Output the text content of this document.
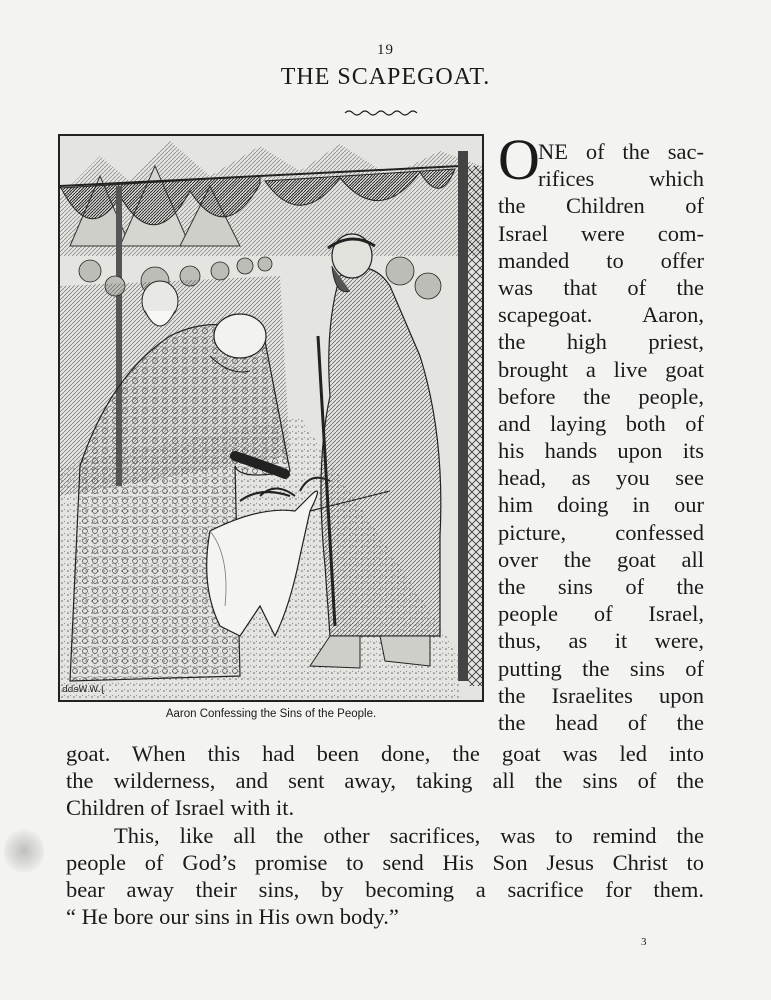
19
THE SCAPEGOAT.
J.W.Webb
Aaron Confessing the Sins of the People.
O
NE of the sac-
rifices which
the Children of
Israel were com-
manded to offer
was that of the
scapegoat. Aaron,
the high priest,
brought a live goat
before the people,
and laying both of
his hands upon its
head, as you see
him doing in our
picture, confessed
over the goat all
the sins of the
people of Israel,
thus, as it were,
putting the sins of
the Israelites upon
the head of the
goat. When this had been done, the goat was led into
the wilderness, and sent away, taking all the sins of the
Children of Israel with it.
This, like all the other sacrifices, was to remind the
people of God’s promise to send His Son Jesus Christ to
bear away their sins, by becoming a sacrifice for them.
“ He bore our sins in His own body.”
3
